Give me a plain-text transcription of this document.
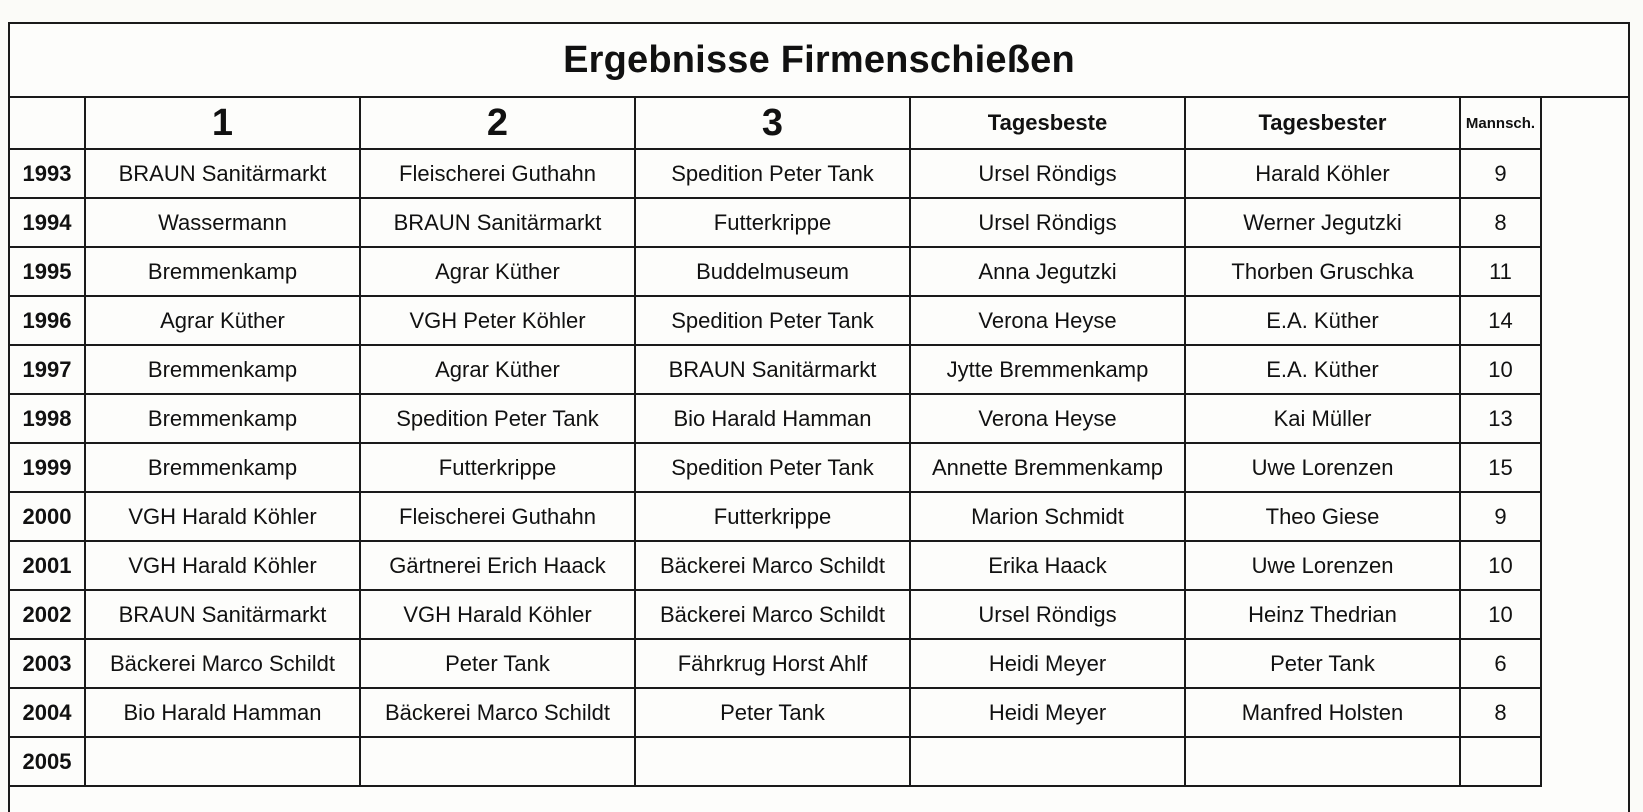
Ergebnisse Firmenschießen
	1	2	3	Tagesbeste	Tagesbester	Mannsch.
1993	BRAUN Sanitärmarkt	Fleischerei Guthahn	Spedition Peter Tank	Ursel Röndigs	Harald Köhler	9
1994	Wassermann	BRAUN Sanitärmarkt	Futterkrippe	Ursel Röndigs	Werner Jegutzki	8
1995	Bremmenkamp	Agrar Küther	Buddelmuseum	Anna Jegutzki	Thorben Gruschka	11
1996	Agrar Küther	VGH Peter Köhler	Spedition Peter Tank	Verona Heyse	E.A. Küther	14
1997	Bremmenkamp	Agrar Küther	BRAUN Sanitärmarkt	Jytte Bremmenkamp	E.A. Küther	10
1998	Bremmenkamp	Spedition Peter Tank	Bio Harald Hamman	Verona Heyse	Kai Müller	13
1999	Bremmenkamp	Futterkrippe	Spedition Peter Tank	Annette Bremmenkamp	Uwe Lorenzen	15
2000	VGH Harald Köhler	Fleischerei Guthahn	Futterkrippe	Marion Schmidt	Theo Giese	9
2001	VGH Harald Köhler	Gärtnerei Erich Haack	Bäckerei Marco Schildt	Erika Haack	Uwe Lorenzen	10
2002	BRAUN Sanitärmarkt	VGH Harald Köhler	Bäckerei Marco Schildt	Ursel Röndigs	Heinz Thedrian	10
2003	Bäckerei Marco Schildt	Peter Tank	Fährkrug Horst Ahlf	Heidi Meyer	Peter Tank	6
2004	Bio Harald Hamman	Bäckerei Marco Schildt	Peter Tank	Heidi Meyer	Manfred Holsten	8
2005						
